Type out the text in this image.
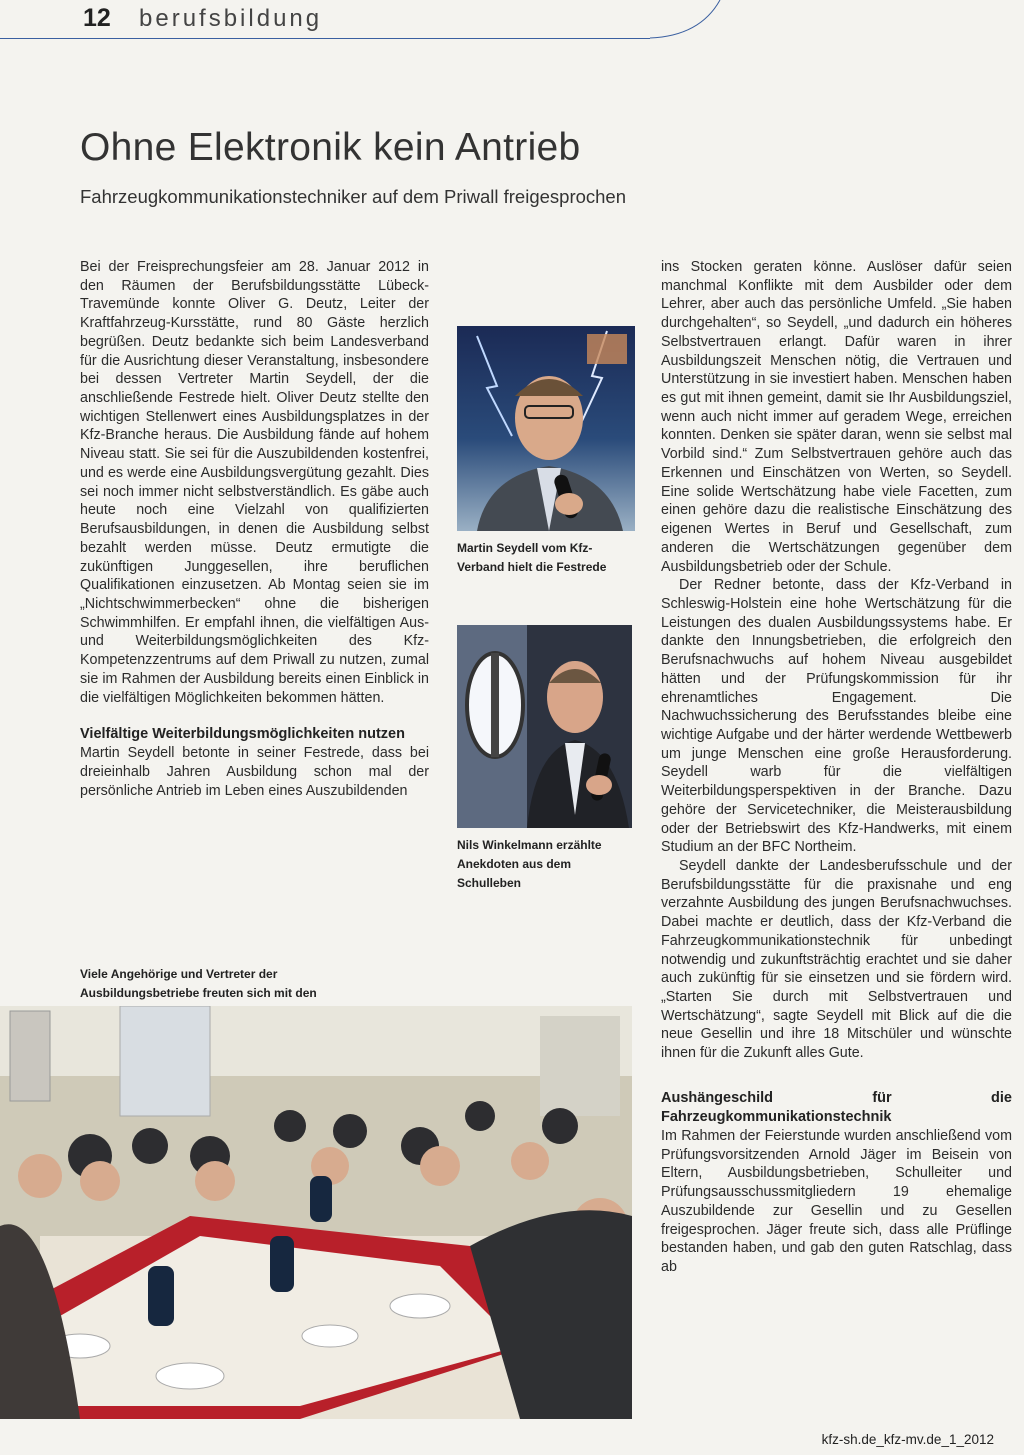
12 berufsbildung
Ohne Elektronik kein Antrieb

Fahrzeugkommunikationstechniker auf dem Priwall freigesprochen

Bei der Freisprechungsfeier am 28. Januar 2012 in den Räumen der Berufsbildungsstätte Lübeck-Travemünde konnte Oliver G. Deutz, Leiter der Kraftfahrzeug-Kursstätte, rund 80 Gäste herzlich begrüßen. Deutz bedankte sich beim Landesverband für die Ausrichtung dieser Veranstaltung, insbesondere bei dessen Vertreter Martin Seydell, der die anschließende Festrede hielt. Oliver Deutz stellte den wichtigen Stellenwert eines Ausbildungsplatzes in der Kfz-Branche heraus. Die Ausbildung fände auf hohem Niveau statt. Sie sei für die Auszubildenden kostenfrei, und es werde eine Ausbildungsvergütung gezahlt. Dies sei noch immer nicht selbstverständlich. Es gäbe auch heute noch eine Vielzahl von qualifizierten Berufsausbildungen, in denen die Ausbildung selbst bezahlt werden müsse. Deutz ermutigte die zukünftigen Junggesellen, ihre beruflichen Qualifikationen einzusetzen. Ab Montag seien sie im „Nichtschwimmerbecken“ ohne die bisherigen Schwimmhilfen. Er empfahl ihnen, die vielfältigen Aus- und Weiterbildungsmöglichkeiten des Kfz-Kompetenzzentrums auf dem Priwall zu nutzen, zumal sie im Rahmen der Ausbildung bereits einen Einblick in die vielfältigen Möglichkeiten bekommen hätten.

Vielfältige Weiterbildungsmöglichkeiten nutzen

Martin Seydell betonte in seiner Festrede, dass bei dreieinhalb Jahren Ausbildung schon mal der persönliche Antrieb im Leben eines Auszubildenden

Martin Seydell vom Kfz-Verband hielt die Festrede
Nils Winkelmann erzählte Anekdoten aus dem Schulleben
Viele Angehörige und Vertreter der Ausbildungsbetriebe freuten sich mit den

ins Stocken geraten könne. Auslöser dafür seien manchmal Konflikte mit dem Ausbilder oder dem Lehrer, aber auch das persönliche Umfeld. „Sie haben durchgehalten“, so Seydell, „und dadurch ein höheres Selbstvertrauen erlangt. Dafür waren in ihrer Ausbildungszeit Menschen nötig, die Vertrauen und Unterstützung in sie investiert haben. Menschen haben es gut mit ihnen gemeint, damit sie Ihr Ausbildungsziel, wenn auch nicht immer auf geradem Wege, erreichen konnten. Denken sie später daran, wenn sie selbst mal Vorbild sind.“ Zum Selbstvertrauen gehöre auch das Erkennen und Einschätzen von Werten, so Seydell. Eine solide Wertschätzung habe viele Facetten, zum einen gehöre dazu die realistische Einschätzung des eigenen Wertes in Beruf und Gesellschaft, zum anderen die Wertschätzungen gegenüber dem Ausbildungsbetrieb oder der Schule.

Der Redner betonte, dass der Kfz-Verband in Schleswig-Holstein eine hohe Wertschätzung für die Leistungen des dualen Ausbildungssystems habe. Er dankte den Innungsbetrieben, die erfolgreich den Berufsnachwuchs auf hohem Niveau ausgebildet hätten und der Prüfungskommission für ihr ehrenamtliches Engagement. Die Nachwuchssicherung des Berufsstandes bleibe eine wichtige Aufgabe und der härter werdende Wettbewerb um junge Menschen eine große Herausforderung. Seydell warb für die vielfältigen Weiterbildungsperspektiven in der Branche. Dazu gehöre der Servicetechniker, die Meisterausbildung oder der Betriebswirt des Kfz-Handwerks, mit einem Studium an der BFC Northeim.

Seydell dankte der Landesberufsschule und der Berufsbildungsstätte für die praxisnahe und eng verzahnte Ausbildung des jungen Berufsnachwuchses. Dabei machte er deutlich, dass der Kfz-Verband die Fahrzeugkommunikationstechnik für unbedingt notwendig und zukunftsträchtig erachtet und sie daher auch zukünftig für sie einsetzen und sie fördern wird. „Starten Sie durch mit Selbstvertrauen und Wertschätzung“, sagte Seydell mit Blick auf die die neue Gesellin und ihre 18 Mitschüler und wünschte ihnen für die Zukunft alles Gute.

Aushängeschild für die Fahrzeugkommunikationstechnik

Im Rahmen der Feierstunde wurden anschließend vom Prüfungsvorsitzenden Arnold Jäger im Beisein von Eltern, Ausbildungsbetrieben, Schulleiter und Prüfungsausschussmitgliedern 19 ehemalige Auszubildende zur Gesellin und zu Gesellen freigesprochen. Jäger freute sich, dass alle Prüflinge bestanden haben, und gab den guten Ratschlag, dass ab

kfz-sh.de_kfz-mv.de_1_2012
